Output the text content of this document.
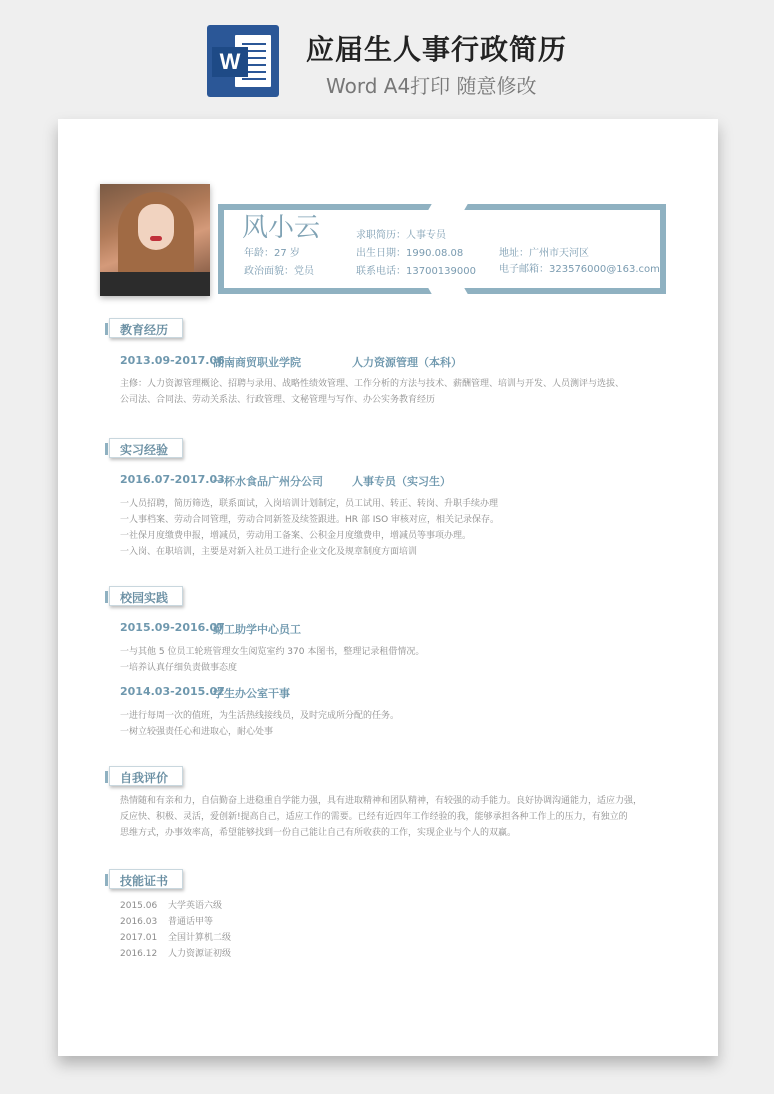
W 应届生人事行政简历
Word A4打印 随意修改
风小云
年龄：27 岁
政治面貌：党员
求职简历：人事专员
出生日期：1990.08.08
联系电话：13700139000
地址：广州市天河区
电子邮箱：323576000@163.com
教育经历
2013.09-2017.06
湖南商贸职业学院	人力资源管理（本科）
主修：人力资源管理概论、招聘与录用、战略性绩效管理、工作分析的方法与技术、薪酬管理、培训与开发、人员测评与选拔、
公司法、合同法、劳动关系法、行政管理、文秘管理与写作、办公实务教育经历
实习经验
2016.07-2017.03
一杯水食品广州分公司	人事专员（实习生）
一人员招聘，简历筛选，联系面试，入岗培训计划制定，员工试用、转正、转岗、升职手续办理
一人事档案、劳动合同管理，劳动合同新签及续签跟进。HR 部 ISO 审核对应，相关记录保存。
一社保月度缴费申报，增减员，劳动用工备案、公积金月度缴费申，增减员等事项办理。
一入岗、在职培训，主要是对新入社员工进行企业文化及规章制度方面培训
校园实践
2015.09-2016.07
勤工助学中心员工
一与其他 5 位员工轮班管理女生阅览室约 370 本图书，整理记录租借情况。
一培养认真仔细负责做事态度
2014.03-2015.07
学生办公室干事
一进行每周一次的值班，为生活热线接线员，及时完成所分配的任务。
一树立较强责任心和进取心，耐心处事
自我评价
热情随和有亲和力，自信勤奋上进稳重自学能力强，具有进取精神和团队精神，有较强的动手能力。良好协调沟通能力，适应力强，
反应快、积极、灵活，爱创新!提高自己，适应工作的需要。已经有近四年工作经验的我，能够承担各种工作上的压力，有独立的
思维方式，办事效率高，希望能够找到一份自己能让自己有所收获的工作，实现企业与个人的双赢。
技能证书
2015.06 大学英语六级
2016.03 普通话甲等
2017.01 全国计算机二级
2016.12 人力资源证初级
